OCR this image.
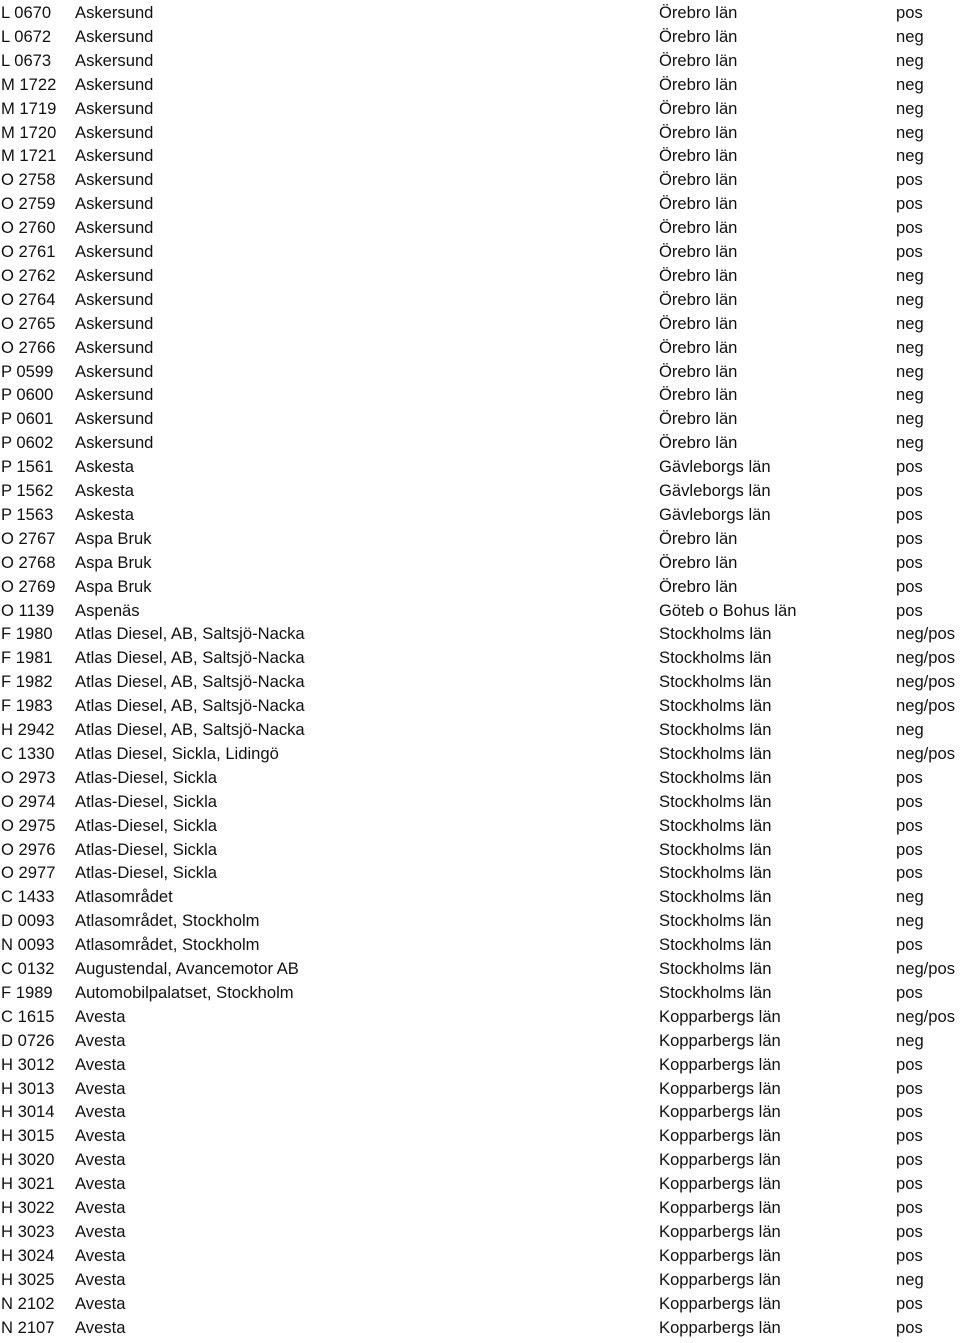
L 0670 Askersund	Örebro län	pos
L 0672 Askersund	Örebro län	neg
L 0673 Askersund	Örebro län	neg
M 1722 Askersund	Örebro län	neg
M 1719 Askersund	Örebro län	neg
M 1720 Askersund	Örebro län	neg
M 1721 Askersund	Örebro län	neg
O 2758 Askersund	Örebro län	pos
O 2759 Askersund	Örebro län	pos
O 2760 Askersund	Örebro län	pos
O 2761 Askersund	Örebro län	pos
O 2762 Askersund	Örebro län	neg
O 2764 Askersund	Örebro län	neg
O 2765 Askersund	Örebro län	neg
O 2766 Askersund	Örebro län	neg
P 0599 Askersund	Örebro län	neg
P 0600 Askersund	Örebro län	neg
P 0601 Askersund	Örebro län	neg
P 0602 Askersund	Örebro län	neg
P 1561 Askesta	Gävleborgs län	pos
P 1562 Askesta	Gävleborgs län	pos
P 1563 Askesta	Gävleborgs län	pos
O 2767 Aspa Bruk	Örebro län	pos
O 2768 Aspa Bruk	Örebro län	pos
O 2769 Aspa Bruk	Örebro län	pos
O 1139 Aspenäs	Göteb o Bohus län	pos
F 1980 Atlas Diesel, AB, Saltsjö-Nacka	Stockholms län	neg/pos
F 1981 Atlas Diesel, AB, Saltsjö-Nacka	Stockholms län	neg/pos
F 1982 Atlas Diesel, AB, Saltsjö-Nacka	Stockholms län	neg/pos
F 1983 Atlas Diesel, AB, Saltsjö-Nacka	Stockholms län	neg/pos
H 2942 Atlas Diesel, AB, Saltsjö-Nacka	Stockholms län	neg
C 1330 Atlas Diesel, Sickla, Lidingö	Stockholms län	neg/pos
O 2973 Atlas-Diesel, Sickla	Stockholms län	pos
O 2974 Atlas-Diesel, Sickla	Stockholms län	pos
O 2975 Atlas-Diesel, Sickla	Stockholms län	pos
O 2976 Atlas-Diesel, Sickla	Stockholms län	pos
O 2977 Atlas-Diesel, Sickla	Stockholms län	pos
C 1433 Atlasområdet	Stockholms län	neg
D 0093 Atlasområdet, Stockholm	Stockholms län	neg
N 0093 Atlasområdet, Stockholm	Stockholms län	pos
C 0132 Augustendal, Avancemotor AB	Stockholms län	neg/pos
F 1989 Automobilpalatset, Stockholm	Stockholms län	pos
C 1615 Avesta	Kopparbergs län	neg/pos
D 0726 Avesta	Kopparbergs län	neg
H 3012 Avesta	Kopparbergs län	pos
H 3013 Avesta	Kopparbergs län	pos
H 3014 Avesta	Kopparbergs län	pos
H 3015 Avesta	Kopparbergs län	pos
H 3020 Avesta	Kopparbergs län	pos
H 3021 Avesta	Kopparbergs län	pos
H 3022 Avesta	Kopparbergs län	pos
H 3023 Avesta	Kopparbergs län	pos
H 3024 Avesta	Kopparbergs län	pos
H 3025 Avesta	Kopparbergs län	neg
N 2102 Avesta	Kopparbergs län	pos
N 2107 Avesta	Kopparbergs län	pos
